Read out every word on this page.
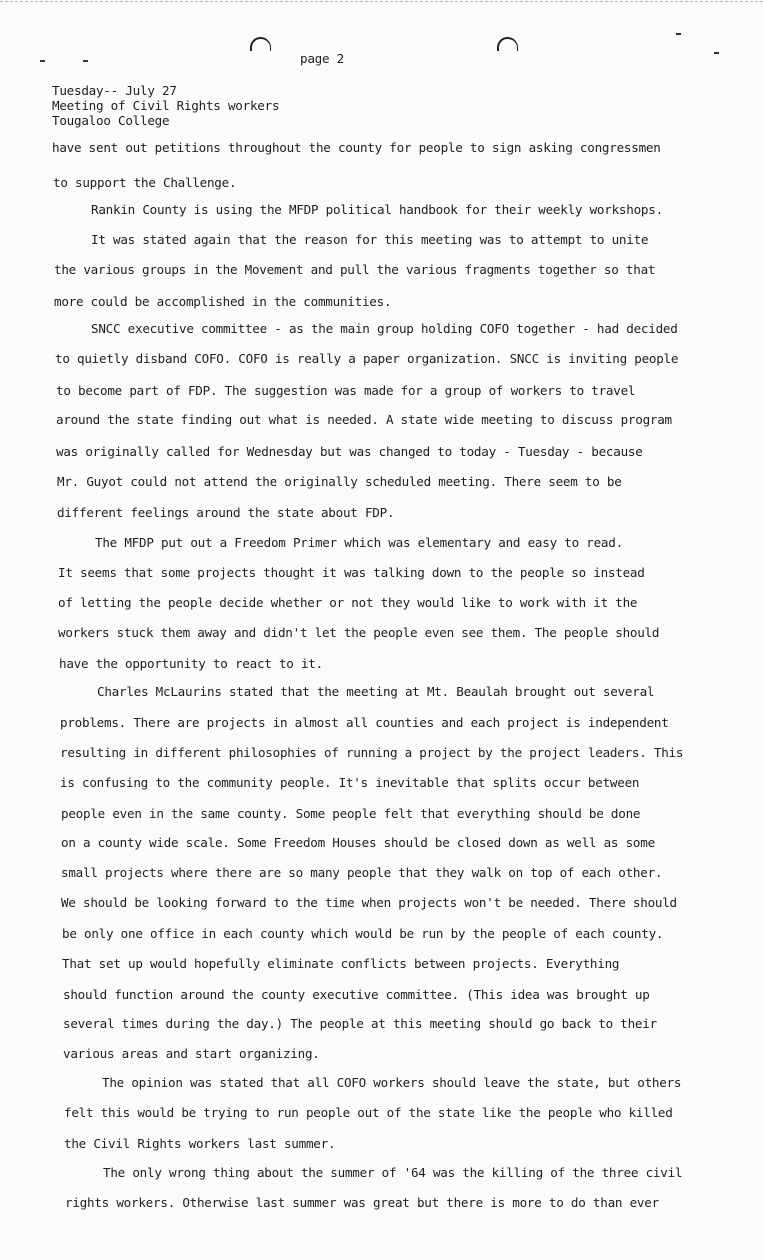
page 2
Tuesday-- July 27
Meeting of Civil Rights workers
Tougaloo College
have sent out petitions throughout the county for people to sign asking congressmen
to support the Challenge.
Rankin County is using the MFDP political handbook for their weekly workshops.
It was stated again that the reason for this meeting was to attempt to unite
the various groups in the Movement and pull the various fragments together so that
more could be accomplished in the communities.
SNCC executive committee - as the main group holding COFO together - had decided
to quietly disband COFO. COFO is really a paper organization. SNCC is inviting people
to become part of FDP. The suggestion was made for a group of workers to travel
around the state finding out what is needed. A state wide meeting to discuss program
was originally called for Wednesday but was changed to today - Tuesday - because
Mr. Guyot could not attend the originally scheduled meeting. There seem to be
different feelings around the state about FDP.
The MFDP put out a Freedom Primer which was elementary and easy to read.
It seems that some projects thought it was talking down to the people so instead
of letting the people decide whether or not they would like to work with it the
workers stuck them away and didn't let the people even see them. The people should
have the opportunity to react to it.
Charles McLaurins stated that the meeting at Mt. Beaulah brought out several
problems. There are projects in almost all counties and each project is independent
resulting in different philosophies of running a project by the project leaders. This
is confusing to the community people. It's inevitable that splits occur between
people even in the same county. Some people felt that everything should be done
on a county wide scale. Some Freedom Houses should be closed down as well as some
small projects where there are so many people that they walk on top of each other.
We should be looking forward to the time when projects won't be needed. There should
be only one office in each county which would be run by the people of each county.
That set up would hopefully eliminate conflicts between projects. Everything
should function around the county executive committee. (This idea was brought up
several times during the day.) The people at this meeting should go back to their
various areas and start organizing.
The opinion was stated that all COFO workers should leave the state, but others
felt this would be trying to run people out of the state like the people who killed
the Civil Rights workers last summer.
The only wrong thing about the summer of '64 was the killing of the three civil
rights workers. Otherwise last summer was great but there is more to do than ever
